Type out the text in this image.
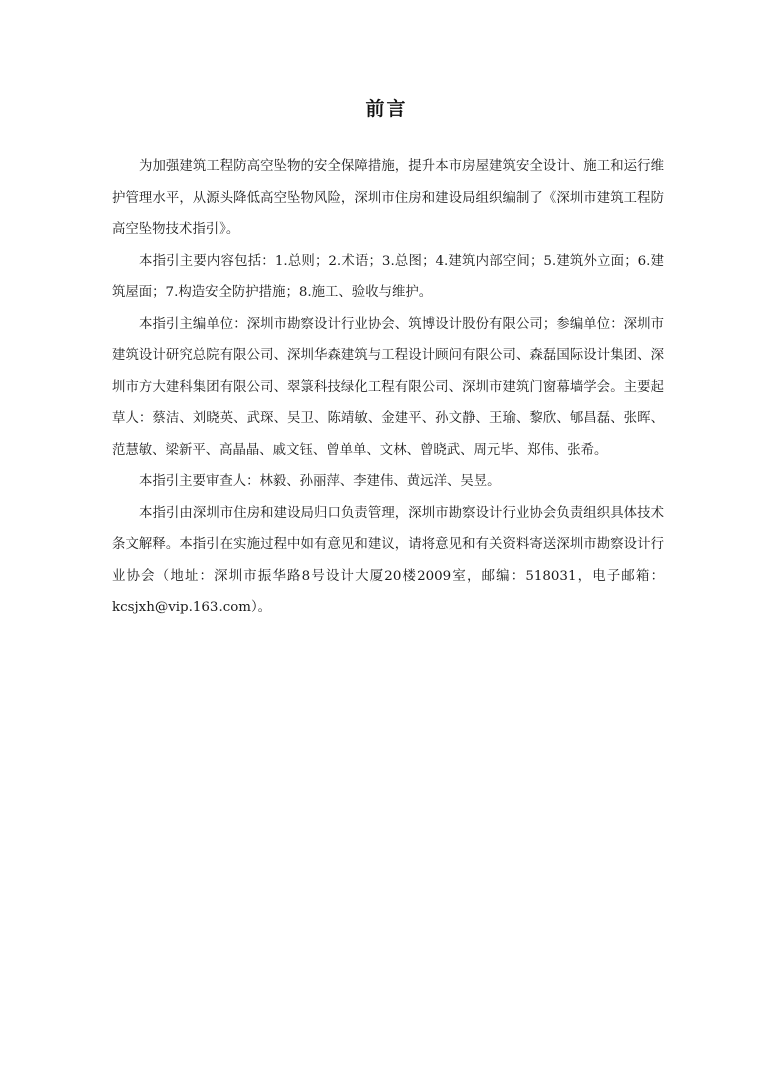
前言

为加强建筑工程防高空坠物的安全保障措施，提升本市房屋建筑安全设计、施工和运行维护管理水平，从源头降低高空坠物风险，深圳市住房和建设局组织编制了《深圳市建筑工程防高空坠物技术指引》。

本指引主要内容包括：1.总则；2.术语；3.总图；4.建筑内部空间；5.建筑外立面；6.建筑屋面；7.构造安全防护措施；8.施工、验收与维护。

本指引主编单位：深圳市勘察设计行业协会、筑博设计股份有限公司；参编单位：深圳市建筑设计研究总院有限公司、深圳华森建筑与工程设计顾问有限公司、森磊国际设计集团、深圳市方大建科集团有限公司、翠箓科技绿化工程有限公司、深圳市建筑门窗幕墙学会。主要起草人：蔡洁、刘晓英、武琛、吴卫、陈靖敏、金建平、孙文静、王瑜、黎欣、郇昌磊、张晖、范慧敏、梁新平、高晶晶、戚文钰、曾单单、文林、曾晓武、周元毕、郑伟、张希。

本指引主要审查人：林毅、孙丽萍、李建伟、黄远洋、吴昱。

本指引由深圳市住房和建设局归口负责管理，深圳市勘察设计行业协会负责组织具体技术条文解释。本指引在实施过程中如有意见和建议，请将意见和有关资料寄送深圳市勘察设计行业协会（地址：深圳市振华路8号设计大厦20楼2009室，邮编：518031，电子邮箱：kcsjxh@vip.163.com）。
